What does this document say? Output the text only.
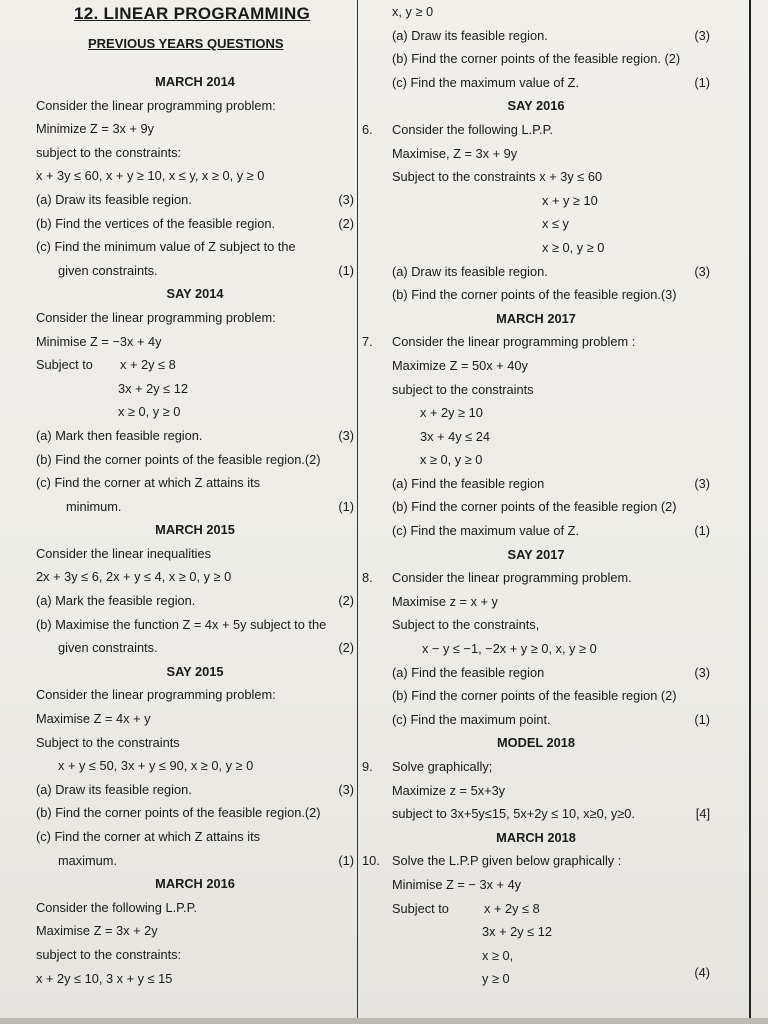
12. LINEAR PROGRAMMING
PREVIOUS YEARS QUESTIONS
MARCH 2014
Consider the linear programming problem:
Minimize Z = 3x + 9y
subject to the constraints:
x + 3y ≤ 60, x + y ≥ 10, x ≤ y, x ≥ 0, y ≥ 0
(a) Draw its feasible region.	(3)
(b) Find the vertices of the feasible region.	(2)
(c) Find the minimum value of Z subject to the
given constraints.	(1)
SAY 2014
Consider the linear programming problem:
Minimise Z = −3x + 4y
Subject to x + 2y ≤ 8
3x + 2y ≤ 12
x ≥ 0, y ≥ 0
(a) Mark then feasible region.	(3)
(b) Find the corner points of the feasible region.(2)
(c) Find the corner at which Z attains its
minimum.	(1)
MARCH 2015
Consider the linear inequalities
2x + 3y ≤ 6, 2x + y ≤ 4, x ≥ 0, y ≥ 0
(a) Mark the feasible region.	(2)
(b) Maximise the function Z = 4x + 5y subject to the
given constraints.	(2)
SAY 2015
Consider the linear programming problem:
Maximise Z = 4x + y
Subject to the constraints
x + y ≤ 50, 3x + y ≤ 90, x ≥ 0, y ≥ 0
(a) Draw its feasible region.	(3)
(b) Find the corner points of the feasible region.(2)
(c) Find the corner at which Z attains its
maximum.	(1)
MARCH 2016
Consider the following L.P.P.
Maximise Z = 3x + 2y
subject to the constraints:
x + 2y ≤ 10, 3 x + y ≤ 15
x, y ≥ 0
(a) Draw its feasible region.	(3)
(b) Find the corner points of the feasible region. (2)
(c) Find the maximum value of Z.	(1)
SAY 2016
6. Consider the following L.P.P.
Maximise, Z = 3x + 9y
Subject to the constraints x + 3y ≤ 60
x + y ≥ 10
x ≤ y
x ≥ 0, y ≥ 0
(a) Draw its feasible region.	(3)
(b) Find the corner points of the feasible region.(3)
MARCH 2017
7. Consider the linear programming problem :
Maximize Z = 50x + 40y
subject to the constraints
x + 2y ≥ 10
3x + 4y ≤ 24
x ≥ 0, y ≥ 0
(a) Find the feasible region	(3)
(b) Find the corner points of the feasible region (2)
(c) Find the maximum value of Z.	(1)
SAY 2017
8. Consider the linear programming problem.
Maximise z = x + y
Subject to the constraints,
x − y ≤ −1, −2x + y ≥ 0, x, y ≥ 0
(a) Find the feasible region	(3)
(b) Find the corner points of the feasible region (2)
(c) Find the maximum point.	(1)
MODEL 2018
9. Solve graphically;
Maximize z = 5x+3y
subject to 3x+5y≤15, 5x+2y ≤ 10, x≥0, y≥0.	[4]
MARCH 2018
10. Solve the L.P.P given below graphically :
Minimise Z = − 3x + 4y
Subject to	x + 2y ≤ 8
3x + 2y ≤ 12
x ≥ 0,
y ≥ 0	(4)
